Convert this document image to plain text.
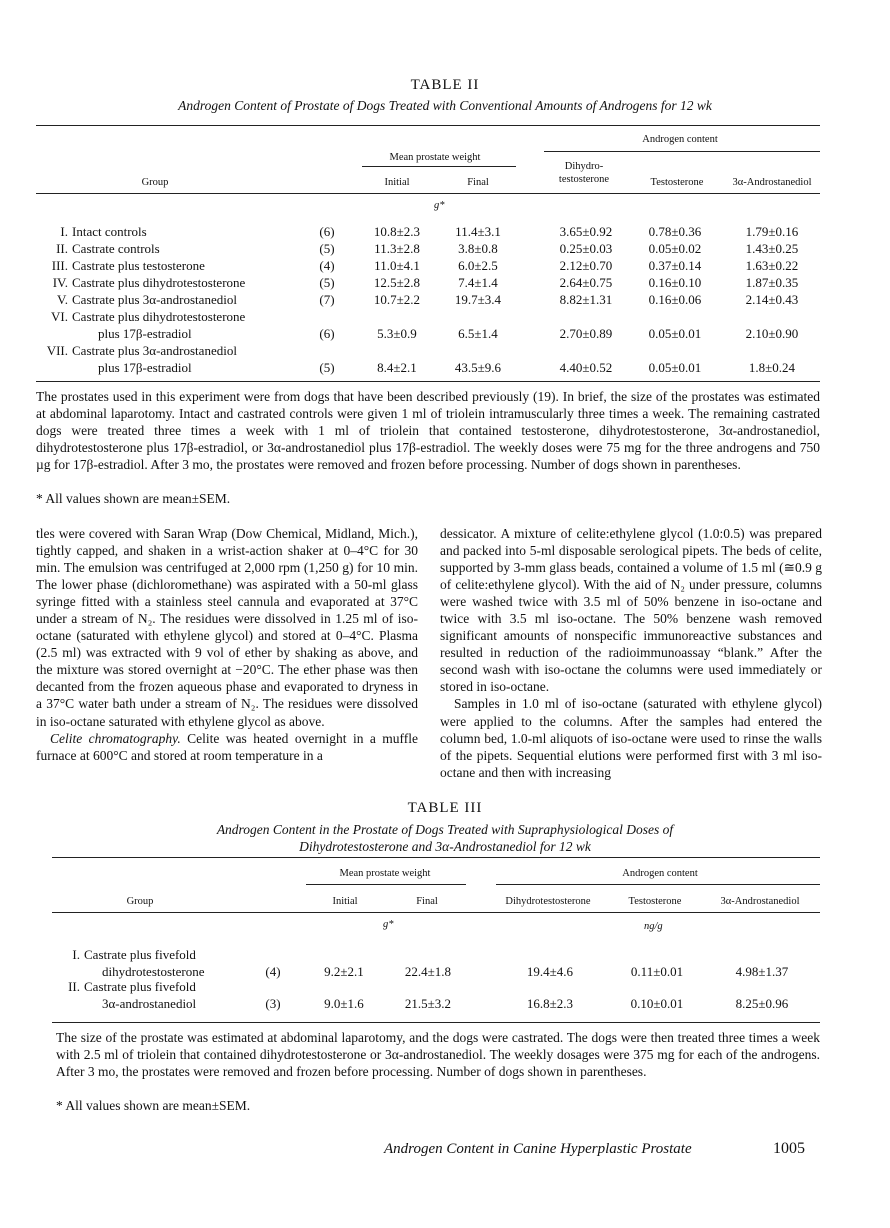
TABLE II
Androgen Content of Prostate of Dogs Treated with Conventional Amounts of Androgens for 12 wk
Mean prostate weight
Androgen content
Group	Initial	Final
Dihydro-
testosterone	Testosterone	3α-Androstanediol
g*
I. Intact controls	(6)	10.8±2.3	11.4±3.1	3.65±0.92	0.78±0.36	1.79±0.16
II. Castrate controls	(5)	11.3±2.8	3.8±0.8	0.25±0.03	0.05±0.02	1.43±0.25
III. Castrate plus testosterone	(4)	11.0±4.1	6.0±2.5	2.12±0.70	0.37±0.14	1.63±0.22
IV. Castrate plus dihydrotestosterone	(5)	12.5±2.8	7.4±1.4	2.64±0.75	0.16±0.10	1.87±0.35
V. Castrate plus 3α-androstanediol	(7)	10.7±2.2	19.7±3.4	8.82±1.31	0.16±0.06	2.14±0.43
VI. Castrate plus dihydrotestosterone
plus 17β-estradiol	(6)	5.3±0.9	6.5±1.4	2.70±0.89	0.05±0.01	2.10±0.90
VII. Castrate plus 3α-androstanediol
plus 17β-estradiol	(5)	8.4±2.1	43.5±9.6	4.40±0.52	0.05±0.01	1.8±0.24
The prostates used in this experiment were from dogs that have been described previously (19). In brief, the size of the prostates was estimated at abdominal laparotomy. Intact and castrated controls were given 1 ml of triolein intramuscularly three times a week. The remaining castrated dogs were treated three times a week with 1 ml of triolein that contained testosterone, dihydrotestosterone, 3α-androstanediol, dihydrotestosterone plus 17β-estradiol, or 3α-androstanediol plus 17β-estradiol. The weekly doses were 75 mg for the three androgens and 750 µg for 17β-estradiol. After 3 mo, the prostates were removed and frozen before processing. Number of dogs shown in parentheses.
* All values shown are mean±SEM.

tles were covered with Saran Wrap (Dow Chemical, Midland, Mich.), tightly capped, and shaken in a wrist-action shaker at 0–4°C for 30 min. The emulsion was centrifuged at 2,000 rpm (1,250 g) for 10 min. The lower phase (dichloromethane) was aspirated with a 50-ml glass syringe fitted with a stainless steel cannula and evaporated at 37°C under a stream of N₂. The residues were dissolved in 1.25 ml of iso-octane (saturated with ethylene glycol) and stored at 0–4°C. Plasma (2.5 ml) was extracted with 9 vol of ether by shaking as above, and the mixture was stored overnight at −20°C. The ether phase was then decanted from the frozen aqueous phase and evaporated to dryness in a 37°C water bath under a stream of N₂. The residues were dissolved in iso-octane saturated with ethylene glycol as above.

Celite chromatography. Celite was heated overnight in a muffle furnace at 600°C and stored at room temperature in a

dessicator. A mixture of celite:ethylene glycol (1.0:0.5) was prepared and packed into 5-ml disposable serological pipets. The beds of celite, supported by 3-mm glass beads, contained a volume of 1.5 ml (≅0.9 g of celite:ethylene glycol). With the aid of N₂ under pressure, columns were washed twice with 3.5 ml of 50% benzene in iso-octane and twice with 3.5 ml iso-octane. The 50% benzene wash removed significant amounts of nonspecific immunoreactive substances and resulted in reduction of the radioimmunoassay “blank.” After the second wash with iso-octane the columns were used immediately or stored in iso-octane.

Samples in 1.0 ml of iso-octane (saturated with ethylene glycol) were applied to the columns. After the samples had entered the column bed, 1.0-ml aliquots of iso-octane were used to rinse the walls of the pipets. Sequential elutions were performed first with 3 ml iso-octane and then with increasing

TABLE III
Androgen Content in the Prostate of Dogs Treated with Supraphysiological Doses of
Dihydrotestosterone and 3α-Androstanediol for 12 wk
Mean prostate weight	Androgen content
Group	Initial	Final	Dihydrotestosterone	Testosterone	3α-Androstanediol
g*	ng/g
I. Castrate plus fivefold
dihydrotestosterone	(4)	9.2±2.1	22.4±1.8	19.4±4.6	0.11±0.01	4.98±1.37
II. Castrate plus fivefold
3α-androstanediol	(3)	9.0±1.6	21.5±3.2	16.8±2.3	0.10±0.01	8.25±0.96
The size of the prostate was estimated at abdominal laparotomy, and the dogs were castrated. The dogs were then treated three times a week with 2.5 ml of triolein that contained dihydrotestosterone or 3α-androstanediol. The weekly dosages were 375 mg for each of the androgens. After 3 mo, the prostates were removed and frozen before processing. Number of dogs shown in parentheses.
* All values shown are mean±SEM.
Androgen Content in Canine Hyperplastic Prostate	1005
